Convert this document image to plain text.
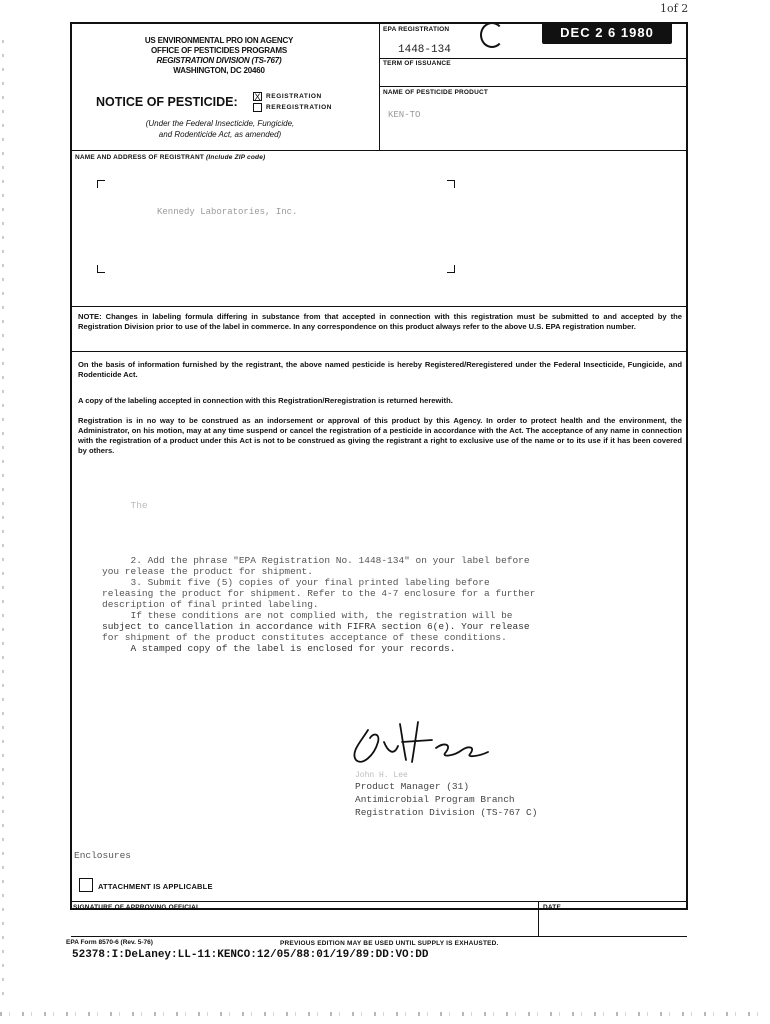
1of 2
US ENVIRONMENTAL PRO ION AGENCY
OFFICE OF PESTICIDES PROGRAMS
REGISTRATION DIVISION (TS-767)
WASHINGTON, DC 20460
NOTICE OF PESTICIDE: X REGISTRATION
REREGISTRATION
(Under the Federal Insecticide, Fungicide,
and Rodenticide Act, as amended)
EPA REGISTRATION
1448-134
DEC 2 6 1980
TERM OF ISSUANCE
NAME OF PESTICIDE PRODUCT
KEN-TO
NAME AND ADDRESS OF REGISTRANT (Include ZIP code)
Kennedy Laboratories, Inc.
NOTE: Changes in labeling formula differing in substance from that accepted in connection with this registration must be submitted to and accepted by the Registration Division prior to use of the label in commerce. In any correspondence on this product always refer to the above U.S. EPA registration number.
On the basis of information furnished by the registrant, the above named pesticide is hereby Registered/Reregistered under the Federal Insecticide, Fungicide, and Rodenticide Act.
A copy of the labeling accepted in connection with this Registration/Reregistration is returned herewith.
Registration is in no way to be construed as an indorsement or approval of this product by this Agency. In order to protect health and the environment, the Administrator, on his motion, may at any time suspend or cancel the registration of a pesticide in accordance with the Act. The acceptance of any name in connection with the registration of a product under this Act is not to be construed as giving the registrant a right to exclusive use of the name or to its use if it has been covered by others.

The
2. Add the phrase "EPA Registration No. 1448-134" on your label before
you release the product for shipment.
3. Submit five (5) copies of your final printed labeling before
releasing the product for shipment. Refer to the 4-7 enclosure for a further
description of final printed labeling.
If these conditions are not complied with, the registration will be
subject to cancellation in accordance with FIFRA section 6(e). Your release
for shipment of the product constitutes acceptance of these conditions.
A stamped copy of the label is enclosed for your records.

John H. Lee
Product Manager (31)
Antimicrobial Program Branch
Registration Division (TS-767 C)
Enclosures
ATTACHMENT IS APPLICABLE
SIGNATURE OF APPROVING OFFICIAL	DATE
EPA Form 8570-6 (Rev. 5-76)	PREVIOUS EDITION MAY BE USED UNTIL SUPPLY IS EXHAUSTED.
52378:I:DeLaney:LL-11:KENCO:12/05/88:01/19/89:DD:VO:DD
